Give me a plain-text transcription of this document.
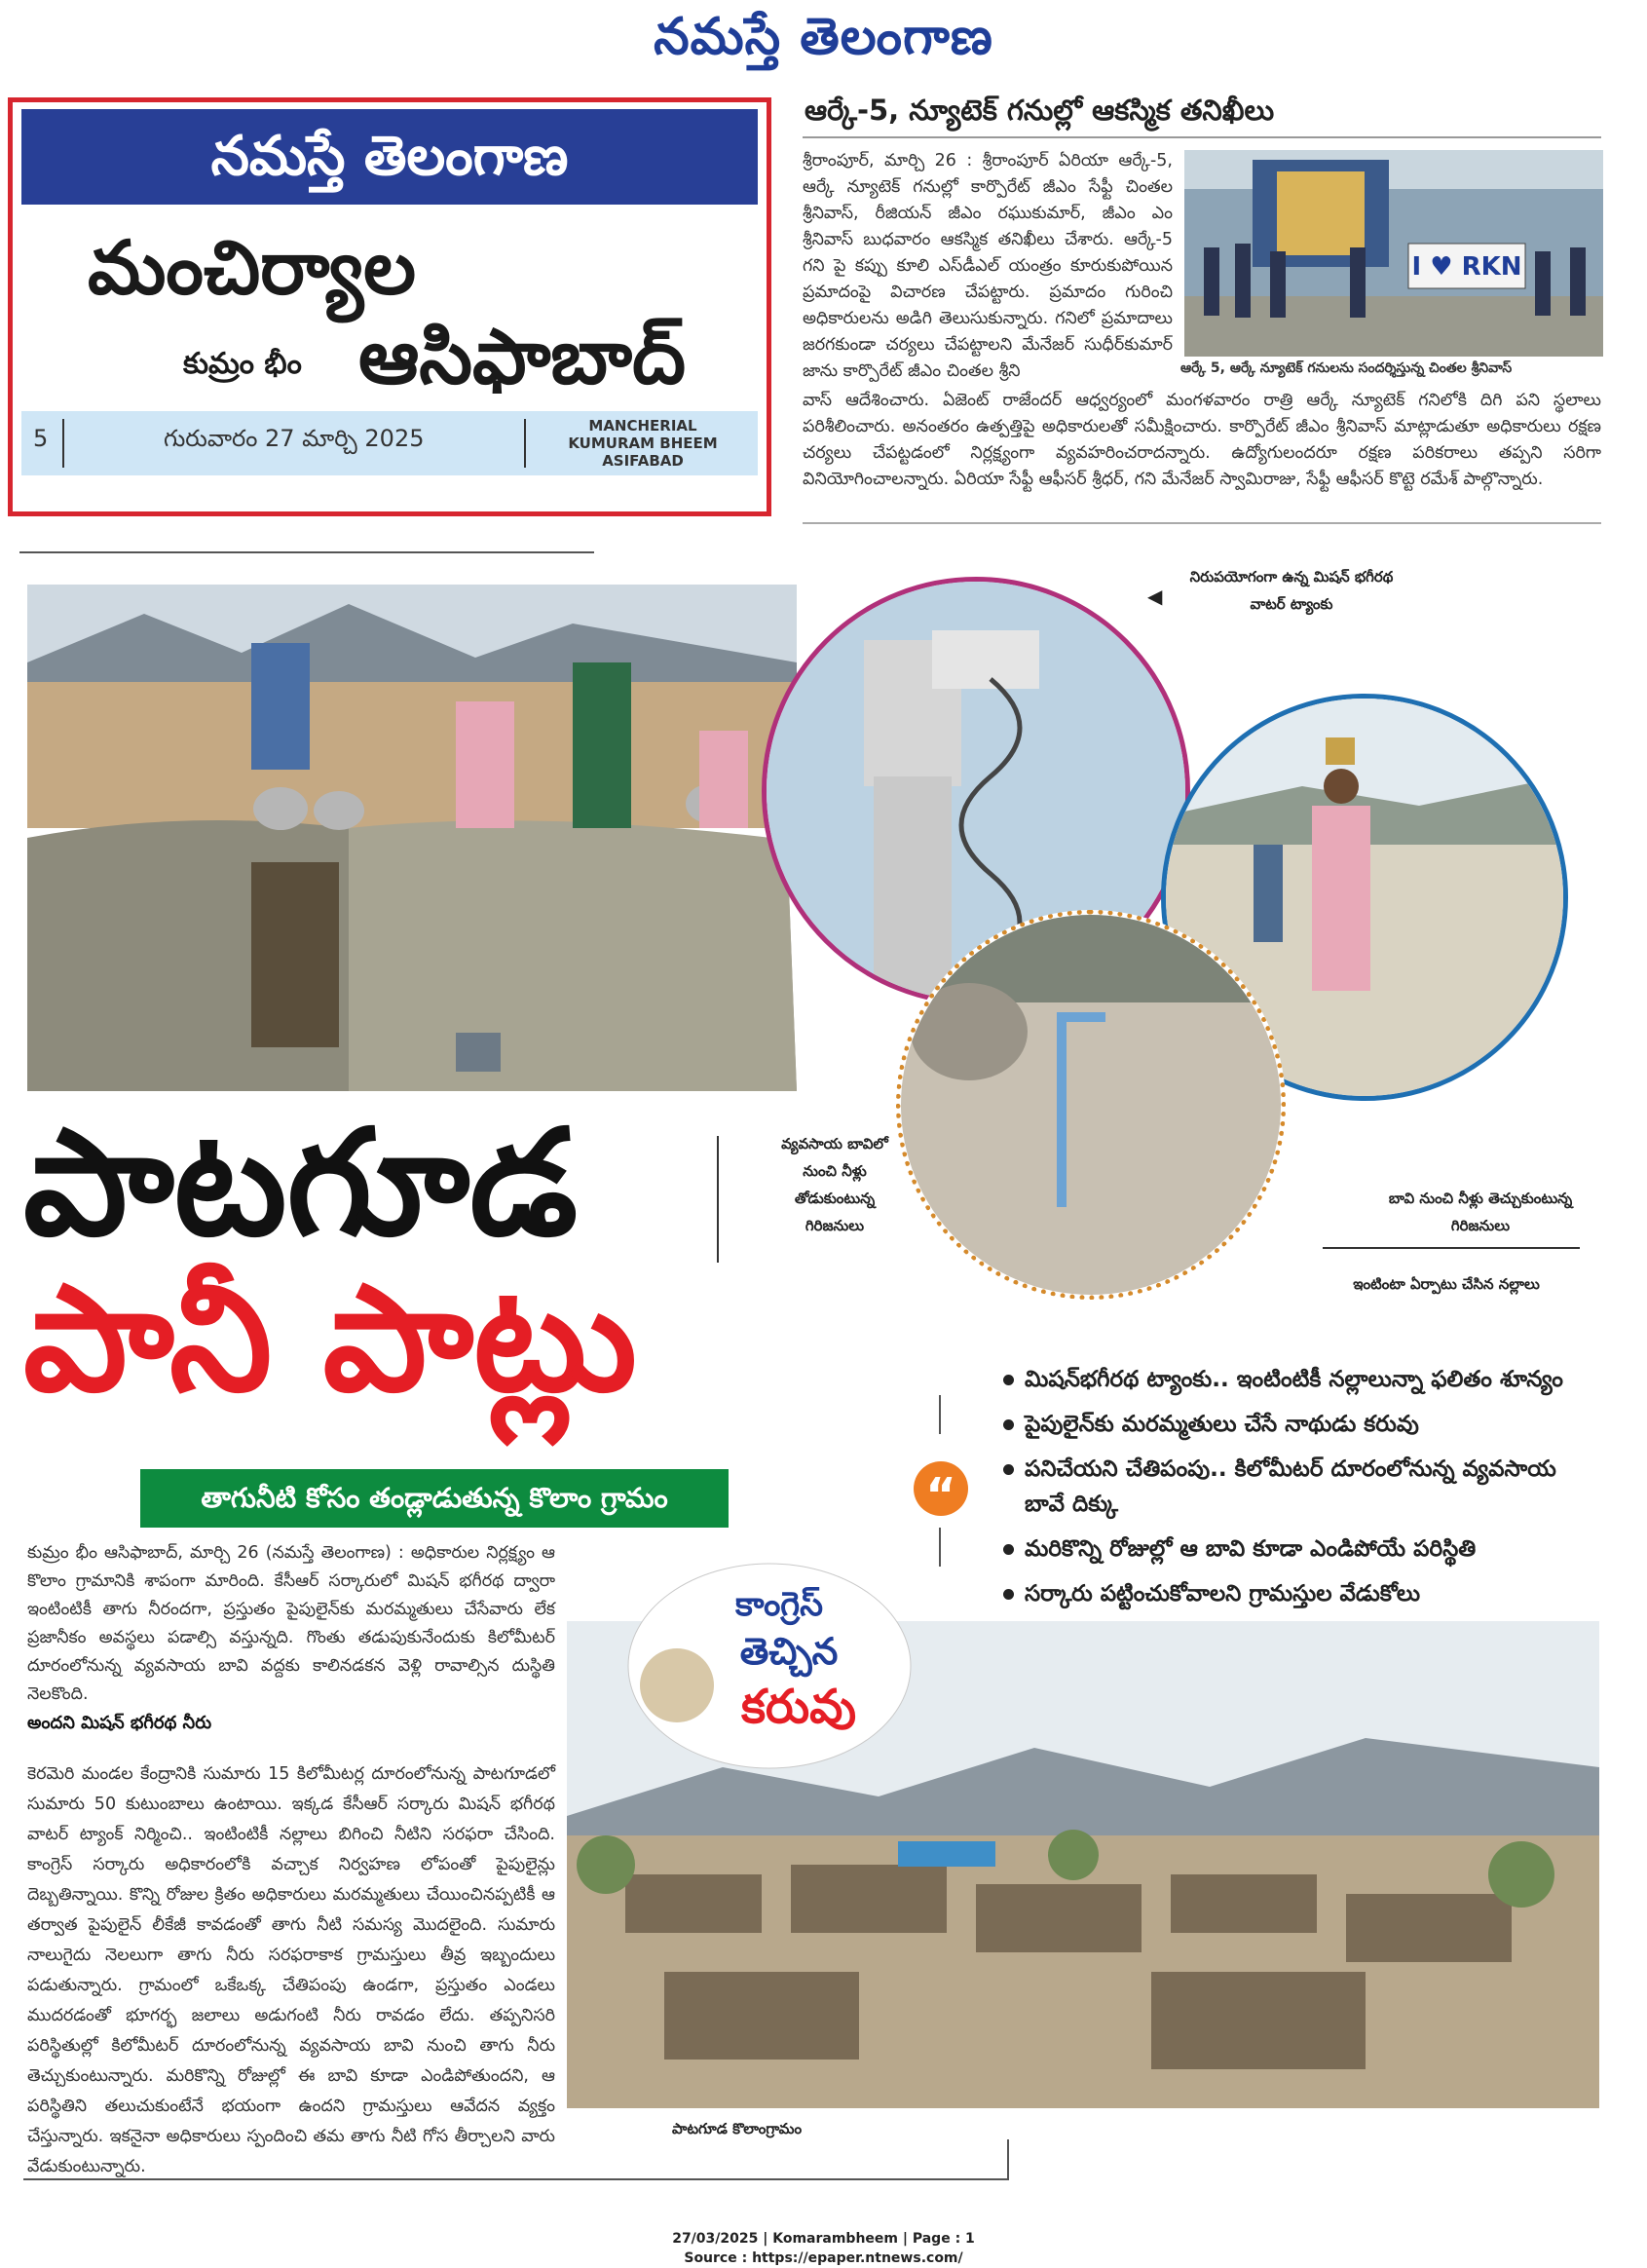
నమస్తే తెలంగాణ
నమస్తే తెలంగాణ
మంచిర్యాల
కుమ్రం భీం ఆసిఫాబాద్
5	గురువారం 27 మార్చి 2025	MANCHERIAL KUMURAM BHEEM ASIFABAD
ఆర్కే-5, న్యూటెక్ గనుల్లో ఆకస్మిక తనిఖీలు
శ్రీరాంపూర్, మార్చి 26 : శ్రీరాంపూర్ ఏరియా ఆర్కే-5, ఆర్కే న్యూటెక్ గనుల్లో కార్పొరేట్ జీఎం సేఫ్టీ చింతల శ్రీనివాస్, రీజియన్ జీఎం రఘుకుమార్, జీఎం ఎం శ్రీనివాస్ బుధవారం ఆకస్మిక తనిఖీలు చేశారు. ఆర్కే-5 గని పై కప్పు కూలి ఎస్‌డీఎల్ యంత్రం కూరుకుపోయిన ప్రమాదంపై విచారణ చేపట్టారు. ప్రమాదం గురించి అధికారులను అడిగి తెలుసుకున్నారు. గనిలో ప్రమాదాలు జరగకుండా చర్యలు చేపట్టాలని మేనేజర్ సుధీర్‌కుమార్ జాను కార్పొరేట్ జీఎం చింతల శ్రీని
I ♥ RKN
ఆర్కే 5, ఆర్కే న్యూటెక్ గనులను సందర్శిస్తున్న చింతల శ్రీనివాస్
వాస్ ఆదేశించారు. ఏజెంట్ రాజేందర్ ఆధ్వర్యంలో మంగళవారం రాత్రి ఆర్కే న్యూటెక్ గనిలోకి దిగి పని స్థలాలు పరిశీలించారు. అనంతరం ఉత్పత్తిపై అధికారులతో సమీక్షించారు. కార్పొరేట్ జీఎం శ్రీనివాస్ మాట్లాడుతూ అధికారులు రక్షణ చర్యలు చేపట్టడంలో నిర్లక్ష్యంగా వ్యవహరించరాదన్నారు. ఉద్యోగులందరూ రక్షణ పరికరాలు తప్పని సరిగా వినియోగించాలన్నారు. ఏరియా సేఫ్టీ ఆఫీసర్ శ్రీధర్, గని మేనేజర్ స్వామిరాజు, సేఫ్టీ ఆఫీసర్ కొట్టె రమేశ్ పాల్గొన్నారు.
నిరుపయోగంగా ఉన్న మిషన్ భగీరథ వాటర్ ట్యాంకు
◀
వ్యవసాయ బావిలో నుంచి నీళ్లు తోడుకుంటున్న గిరిజనులు
బావి నుంచి నీళ్లు తెచ్చుకుంటున్న గిరిజనులు
ఇంటింటా ఏర్పాటు చేసిన నల్లాలు
పాటగూడ
పానీ పాట్లు
తాగునీటి కోసం తండ్లాడుతున్న కొలాం గ్రామం	“
మిషన్‌భగీరథ ట్యాంకు.. ఇంటింటికీ నల్లాలున్నా ఫలితం శూన్యం
పైపులైన్‌కు మరమ్మతులు చేసే నాథుడు కరువు
పనిచేయని చేతిపంపు.. కిలోమీటర్ దూరంలోనున్న వ్యవసాయ బావే దిక్కు
మరికొన్ని రోజుల్లో ఆ బావి కూడా ఎండిపోయే పరిస్థితి
సర్కారు పట్టించుకోవాలని గ్రామస్తుల వేడుకోలు
కుమ్రం భీం ఆసిఫాబాద్, మార్చి 26 (నమస్తే తెలంగాణ) : అధికారుల నిర్లక్ష్యం ఆ కొలాం గ్రామానికి శాపంగా మారింది. కేసీఆర్ సర్కారులో మిషన్ భగీరథ ద్వారా ఇంటింటికీ తాగు నీరందగా, ప్రస్తుతం పైపులైన్‌కు మరమ్మతులు చేసేవారు లేక ప్రజానీకం అవస్థలు పడాల్సి వస్తున్నది. గొంతు తడుపుకునేందుకు కిలోమీటర్ దూరంలోనున్న వ్యవసాయ బావి వద్దకు కాలినడకన వెళ్లి రావాల్సిన దుస్థితి నెలకొంది.
అందని మిషన్ భగీరథ నీరు
కెరమెరి మండల కేంద్రానికి సుమారు 15 కిలోమీటర్ల దూరంలోనున్న పాటగూడలో సుమారు 50 కుటుంబాలు ఉంటాయి. ఇక్కడ కేసీఆర్ సర్కారు మిషన్ భగీరథ వాటర్ ట్యాంక్ నిర్మించి.. ఇంటింటికీ నల్లాలు బిగించి నీటిని సరఫరా చేసింది. కాంగ్రెస్ సర్కారు అధికారంలోకి వచ్చాక నిర్వహణ లోపంతో పైపులైన్లు దెబ్బతిన్నాయి. కొన్ని రోజుల క్రితం అధికారులు మరమ్మతులు చేయించినప్పటికీ ఆ తర్వాత పైపులైన్ లీకేజీ కావడంతో తాగు నీటి సమస్య మొదలైంది. సుమారు నాలుగైదు నెలలుగా తాగు నీరు సరఫరాకాక గ్రామస్తులు తీవ్ర ఇబ్బందులు పడుతున్నారు. గ్రామంలో ఒకేఒక్క చేతిపంపు ఉండగా, ప్రస్తుతం ఎండలు ముదరడంతో భూగర్భ జలాలు అడుగంటి నీరు రావడం లేదు. తప్పనిసరి పరిస్థితుల్లో కిలోమీటర్ దూరంలోనున్న వ్యవసాయ బావి నుంచి తాగు నీరు తెచ్చుకుంటున్నారు. మరికొన్ని రోజుల్లో ఈ బావి కూడా ఎండిపోతుందని, ఆ పరిస్థితిని తలుచుకుంటేనే భయంగా ఉందని గ్రామస్తులు ఆవేదన వ్యక్తం చేస్తున్నారు. ఇకనైనా అధికారులు స్పందించి తమ తాగు నీటి గోస తీర్చాలని వారు వేడుకుంటున్నారు.
పాటగూడ కొలాంగ్రామం
కాంగ్రెస్
తెచ్చిన
కరువు
27/03/2025 | Komarambheem | Page : 1
Source : https://epaper.ntnews.com/
